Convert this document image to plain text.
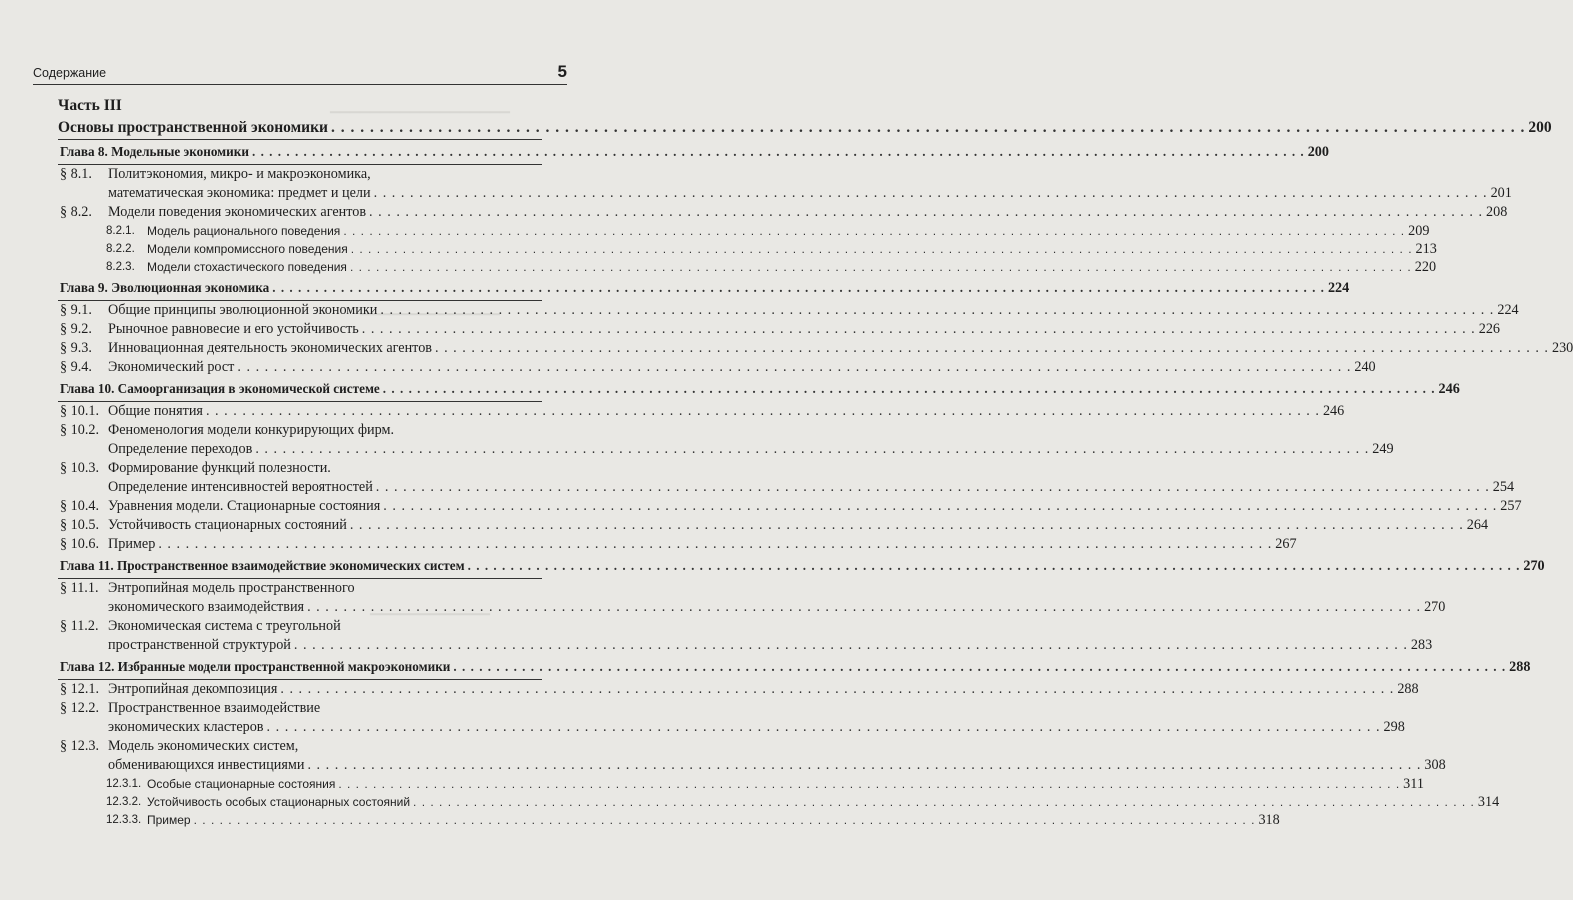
▁▁▁▁▁▁▁▁▁▁▁▁▁▁▁▁▁▁
▁▁▁▁▁▁▁▁▁▁▁▁▁▁
▁▁▁▁▁▁▁▁▁▁▁▁
Содержание	5
Часть III
Основы пространственной экономики . . .	200
Глава 8. Модельные экономики . . .	200
§ 8.1.	Политэкономия, микро- и макроэкономика,
математическая экономика: предмет и цели . . .	201
§ 8.2.	Модели поведения экономических агентов . . .	208
8.2.1.	Модель рационального поведения . . .	209
8.2.2.	Модели компромиссного поведения . . .	213
8.2.3.	Модели стохастического поведения . . .	220
Глава 9. Эволюционная экономика . . .	224
§ 9.1.	Общие принципы эволюционной экономики . . .	224
§ 9.2.	Рыночное равновесие и его устойчивость . . .	226
§ 9.3.	Инновационная деятельность экономических агентов . . .	230
§ 9.4.	Экономический рост . . .	240
Глава 10. Самоорганизация в экономической системе . . .	246
§ 10.1. Общие понятия . . .	246
§ 10.2. Феноменология модели конкурирующих фирм.
Определение переходов . . .	249
§ 10.3. Формирование функций полезности.
Определение интенсивностей вероятностей . . .	254
§ 10.4. Уравнения модели. Стационарные состояния . . .	257
§ 10.5. Устойчивость стационарных состояний . . .	264
§ 10.6. Пример . . .	267
Глава 11. Пространственное взаимодействие экономических систем . . .	270
§ 11.1. Энтропийная модель пространственного
экономического взаимодействия . . .	270
§ 11.2. Экономическая система с треугольной
пространственной структурой . . .	283
Глава 12. Избранные модели пространственной макроэкономики . . .	288
§ 12.1. Энтропийная декомпозиция . . .	288
§ 12.2. Пространственное взаимодействие
экономических кластеров . . .	298
§ 12.3. Модель экономических систем,
обменивающихся инвестициями . . .	308
12.3.1. Особые стационарные состояния . . .	311
12.3.2. Устойчивость особых стационарных состояний . . .	314
12.3.3. Пример . . .	318
